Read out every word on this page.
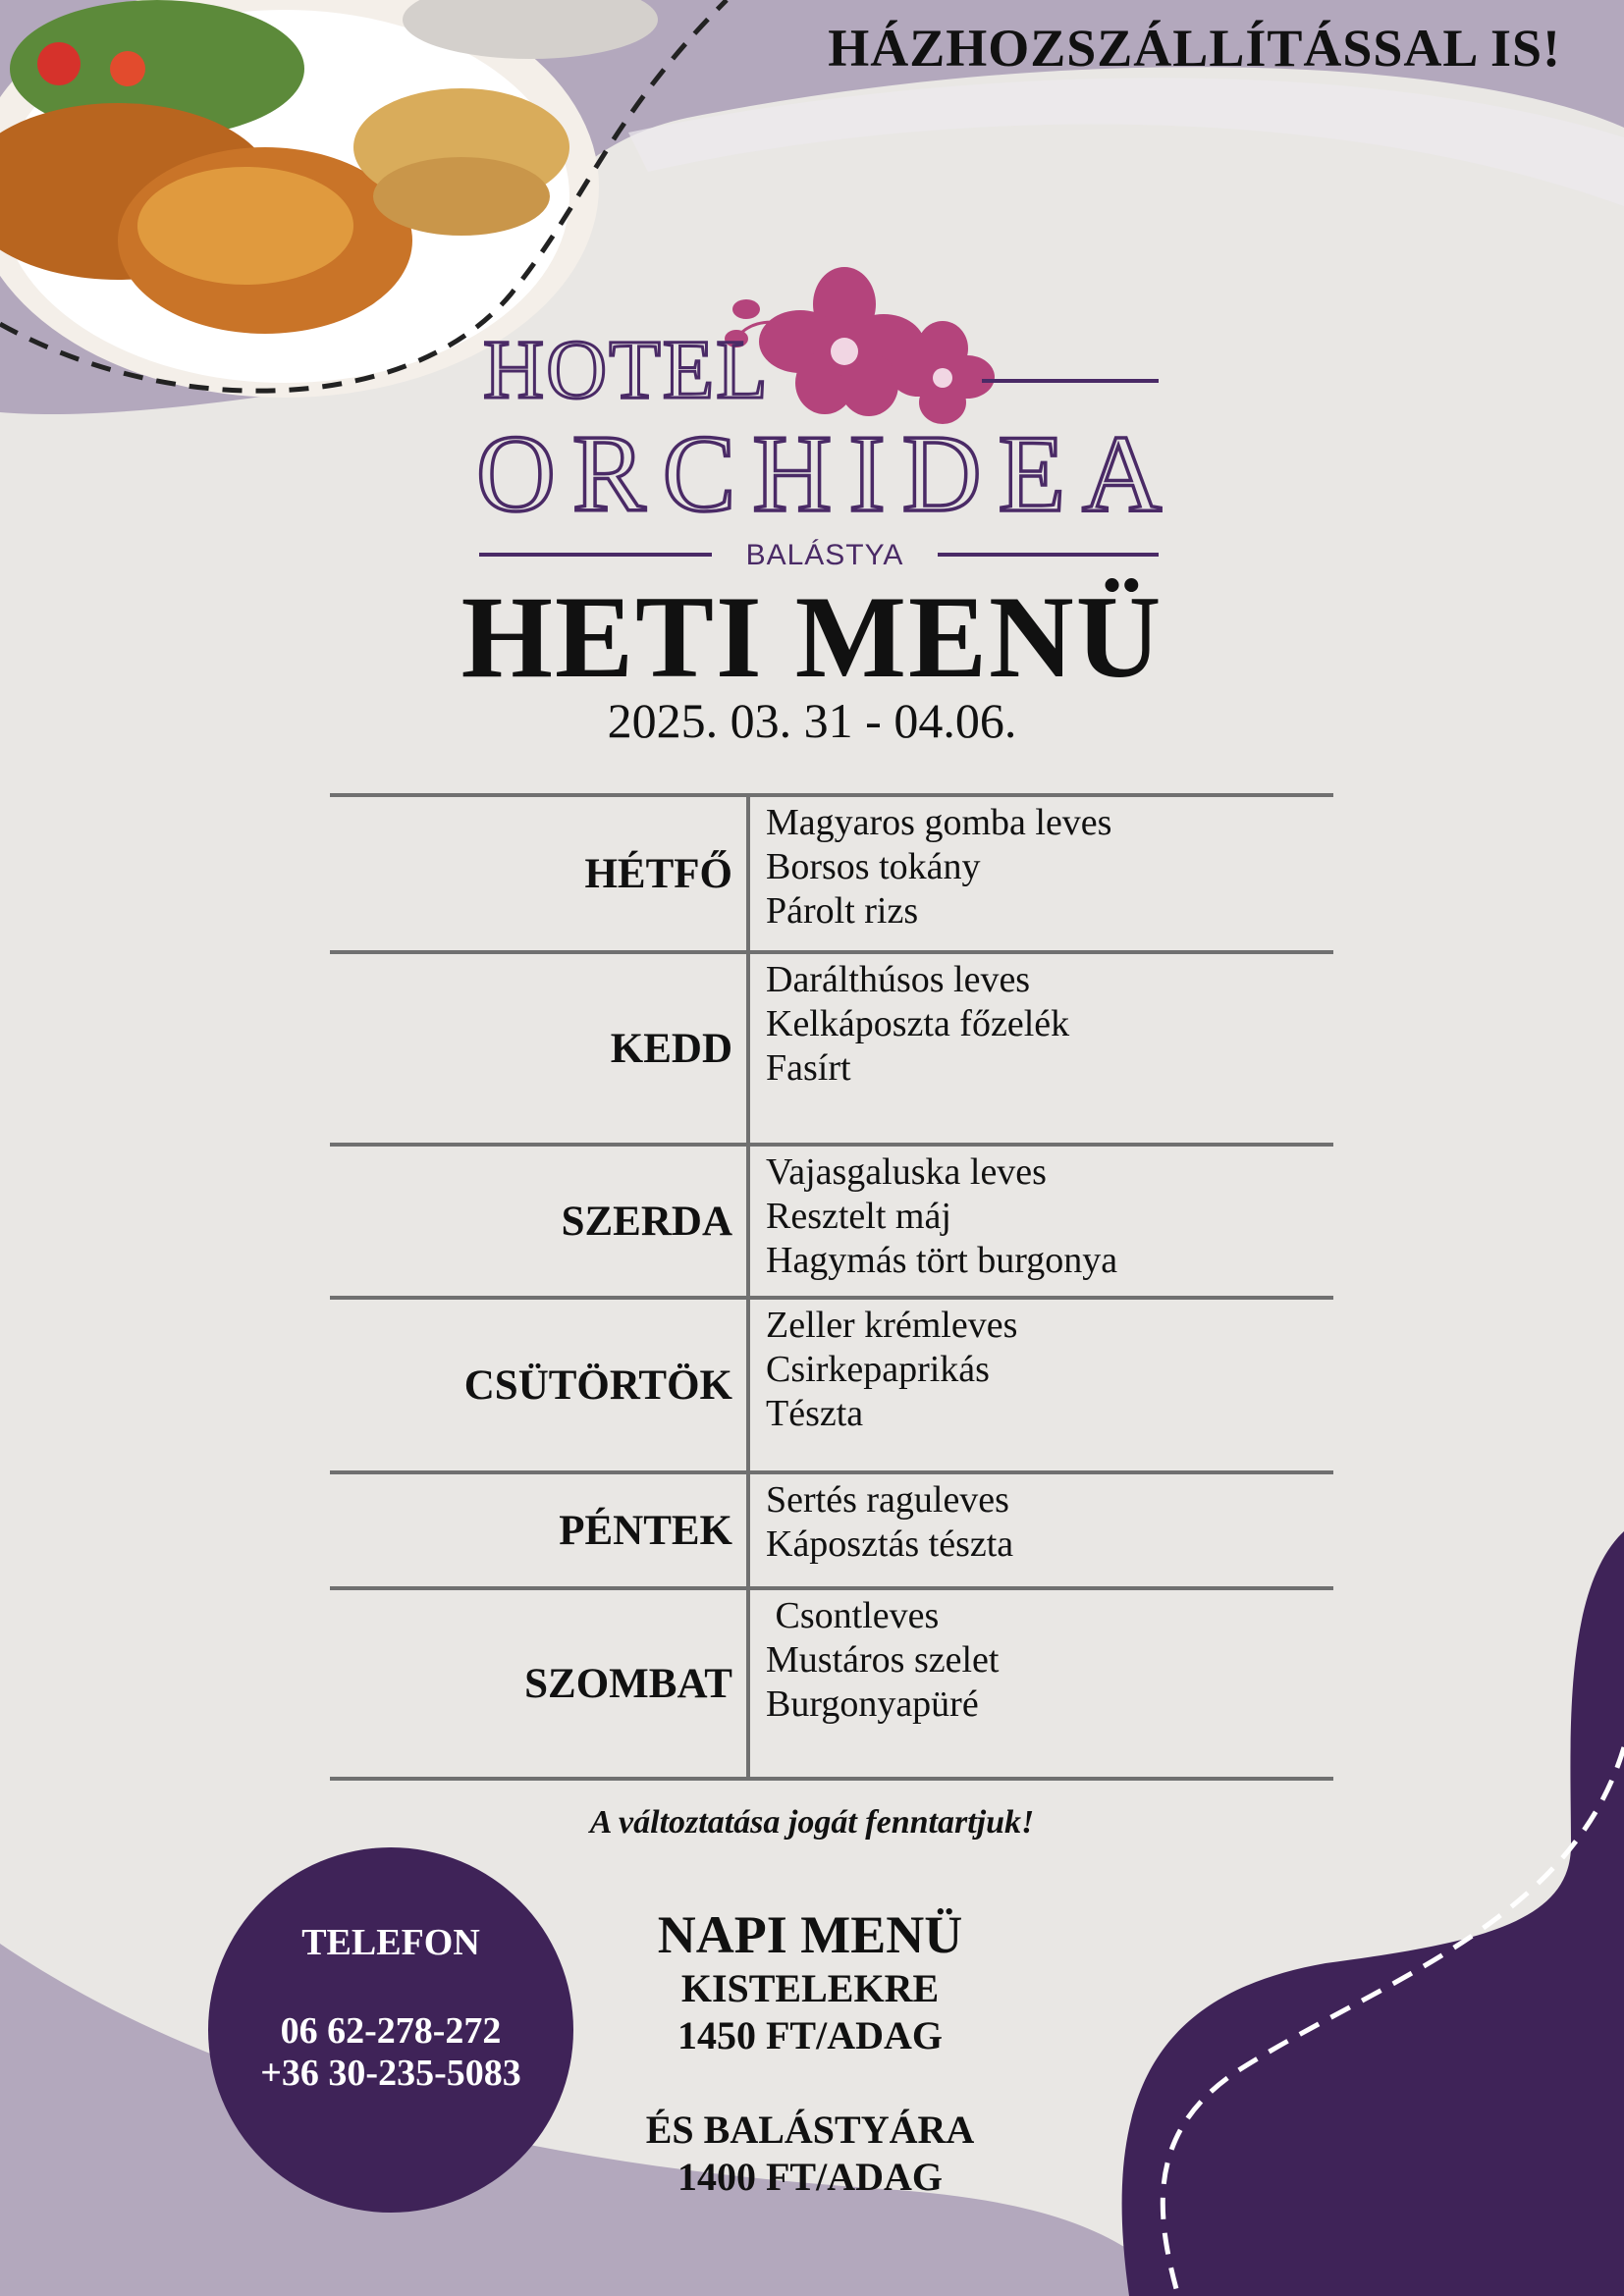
HÁZHOZSZÁLLÍTÁSSAL IS!
HOTEL
ORCHIDEA
BALÁSTYA
HETI MENÜ
2025. 03. 31 - 04.06.
HÉTFŐ	Magyaros gomba leves
Borsos tokány
Párolt rizs

KEDD	Darálthúsos leves
Kelkáposzta főzelék
Fasírt

SZERDA	Vajasgaluska leves
Resztelt máj
Hagymás tört burgonya

CSÜTÖRTÖK	Zeller krémleves
Csirkepaprikás
Tészta

PÉNTEK	Sertés raguleves
Káposztás tészta

SZOMBAT	Csontleves
Mustáros szelet
Burgonyapüré
A változtatása jogát fenntartjuk!
TELEFON
06 62-278-272
+36 30-235-5083
NAPI MENÜ
KISTELEKRE
1450 FT/ADAG
ÉS BALÁSTYÁRA
1400 FT/ADAG
